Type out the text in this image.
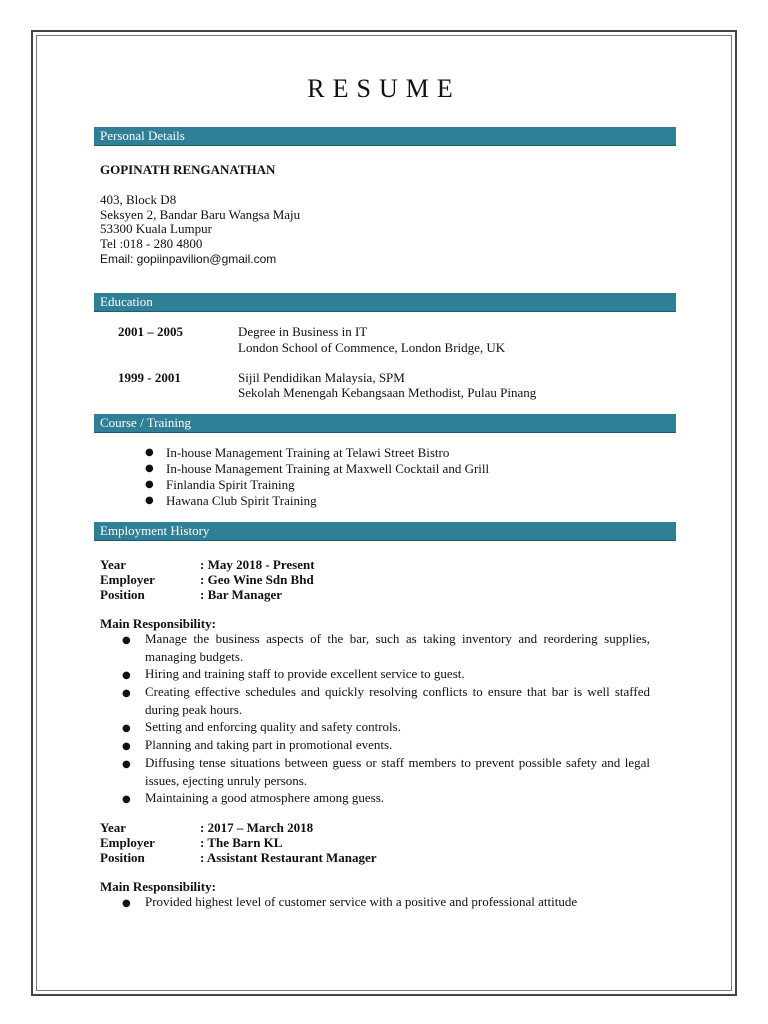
RESUME
Personal Details
GOPINATH RENGANATHAN
403, Block D8
Seksyen 2, Bandar Baru Wangsa Maju
53300 Kuala Lumpur
Tel :018 - 280 4800
Email: gopiinpavilion@gmail.com
Education
2001 – 2005	Degree in Business in IT
London School of Commence, London Bridge, UK
1999 - 2001	Sijil Pendidikan Malaysia, SPM
Sekolah Menengah Kebangsaan Methodist, Pulau Pinang
Course / Training
● In-house Management Training at Telawi Street Bistro
● In-house Management Training at Maxwell Cocktail and Grill
● Finlandia Spirit Training
● Hawana Club Spirit Training
Employment History
Year	: May 2018 - Present
Employer	: Geo Wine Sdn Bhd
Position	: Bar Manager
Main Responsibility:
● Manage the business aspects of the bar, such as taking inventory and reordering supplies, managing budgets.
● Hiring and training staff to provide excellent service to guest.
● Creating effective schedules and quickly resolving conflicts to ensure that bar is well staffed during peak hours.
● Setting and enforcing quality and safety controls.
● Planning and taking part in promotional events.
● Diffusing tense situations between guess or staff members to prevent possible safety and legal issues, ejecting unruly persons.
● Maintaining a good atmosphere among guess.
Year	: 2017 – March 2018
Employer	: The Barn KL
Position	: Assistant Restaurant Manager
Main Responsibility:
● Provided highest level of customer service with a positive and professional attitude
